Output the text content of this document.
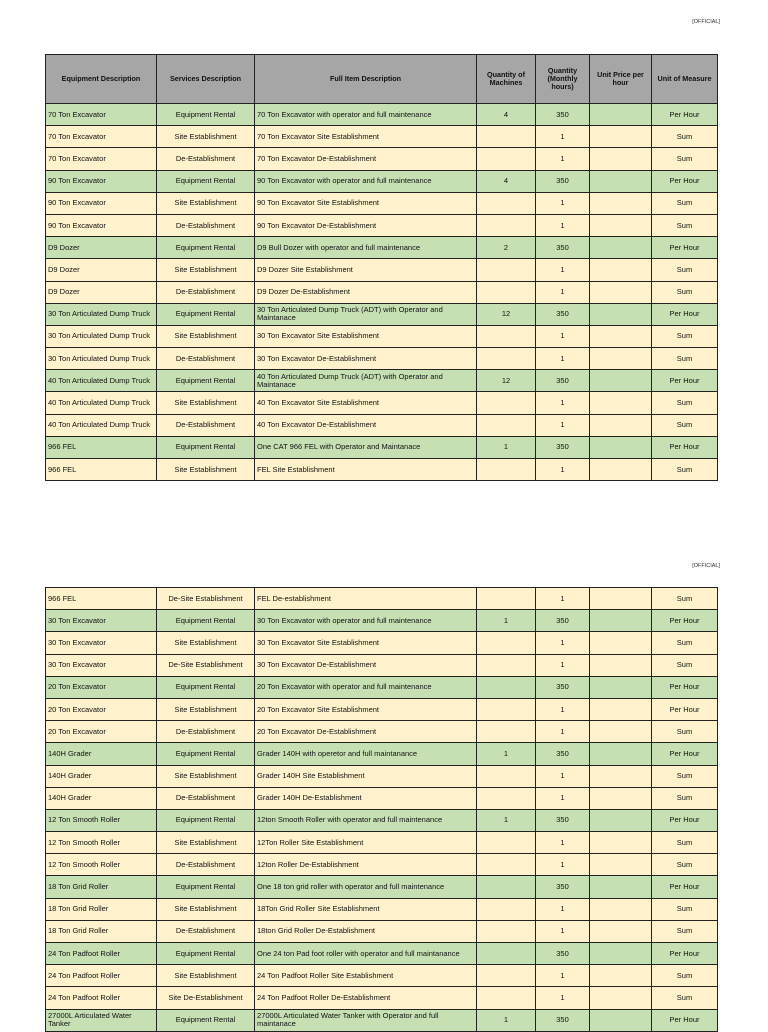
[OFFICIAL]
Equipment Description	Services Description	Full Item Description	Quantity of Machines	Quantity (Monthly hours)	Unit Price per hour	Unit of Measure
70 Ton Excavator	Equipment Rental	70 Ton Excavator with operator and full maintenance	4	350		Per Hour
70 Ton Excavator	Site Establishment	70 Ton Excavator Site Establishment		1		Sum
70 Ton Excavator	De-Establishment	70 Ton Excavator De-Establishment		1		Sum
90 Ton Excavator	Equipment Rental	90 Ton Excavator with operator and full maintenance	4	350		Per Hour
90 Ton Excavator	Site Establishment	90 Ton Excavator Site Establishment		1		Sum
90 Ton Excavator	De-Establishment	90 Ton Excavator De-Establishment		1		Sum
D9 Dozer	Equipment Rental	D9 Bull Dozer with operator and full maintenance	2	350		Per Hour
D9 Dozer	Site Establishment	D9 Dozer Site Establishment		1		Sum
D9 Dozer	De-Establishment	D9 Dozer De-Establishment		1		Sum
30 Ton Articulated Dump Truck	Equipment Rental	30 Ton Articulated Dump Truck (ADT) with Operator and Maintanace	12	350		Per Hour
30 Ton Articulated Dump Truck	Site Establishment	30 Ton Excavator Site Establishment		1		Sum
30 Ton Articulated Dump Truck	De-Establishment	30 Ton Excavator De-Establishment		1		Sum
40 Ton Articulated Dump Truck	Equipment Rental	40 Ton Articulated Dump Truck (ADT) with Operator and Maintanace	12	350		Per Hour
40 Ton Articulated Dump Truck	Site Establishment	40 Ton Excavator Site Establishment		1		Sum
40 Ton Articulated Dump Truck	De-Establishment	40 Ton Excavator De-Establishment		1		Sum
966 FEL	Equipment Rental	One CAT 966 FEL with Operator and Maintanace	1	350		Per Hour
966 FEL	Site Establishment	FEL Site Establishment		1		Sum
[OFFICIAL]
966 FEL	De-Site Establishment	FEL De-establishment		1		Sum
30 Ton Excavator	Equipment Rental	30 Ton Excavator with operator and full maintenance	1	350		Per Hour
30 Ton Excavator	Site Establishment	30 Ton Excavator Site Establishment		1		Sum
30 Ton Excavator	De-Site Establishment	30 Ton Excavator De-Establishment		1		Sum
20 Ton Excavator	Equipment Rental	20 Ton Excavator with operator and full maintenance		350		Per Hour
20 Ton Excavator	Site Establishment	20 Ton Excavator Site Establishment		1		Per Hour
20 Ton Excavator	De-Establishment	20 Ton Excavator De-Establishment		1		Sum
140H Grader	Equipment Rental	Grader 140H with operetor and full maintanance	1	350		Per Hour
140H Grader	Site Establishment	Grader 140H Site Establishment		1		Sum
140H Grader	De-Establishment	Grader 140H De-Establishment		1		Sum
12 Ton Smooth Roller	Equipment Rental	12ton Smooth Roller with operator and full maintenance	1	350		Per Hour
12 Ton Smooth Roller	Site Establishment	12Ton Roller Site Establishment		1		Sum
12 Ton Smooth Roller	De-Establishment	12ton Roller De-Establishment		1		Sum
18 Ton Grid Roller	Equipment Rental	One 18 ton grid roller with operator and full maintenance		350		Per Hour
18 Ton Grid Roller	Site Establishment	18Ton Grid Roller Site Establishment		1		Sum
18 Ton Grid Roller	De-Establishment	18ton Grid Roller De-Establishment		1		Sum
24 Ton Padfoot Roller	Equipment Rental	One 24 ton Pad foot roller with operator and full maintanance		350		Per Hour
24 Ton Padfoot Roller	Site Establishment	24 Ton Padfoot Roller Site Establishment		1		Sum
24 Ton Padfoot Roller	Site De-Establishment	24 Ton Padfoot Roller De-Establishment		1		Sum
27000L Articulated Water Tanker	Equipment Rental	27000L Articulated Water Tanker with Operator and full maintanace	1	350		Per Hour
